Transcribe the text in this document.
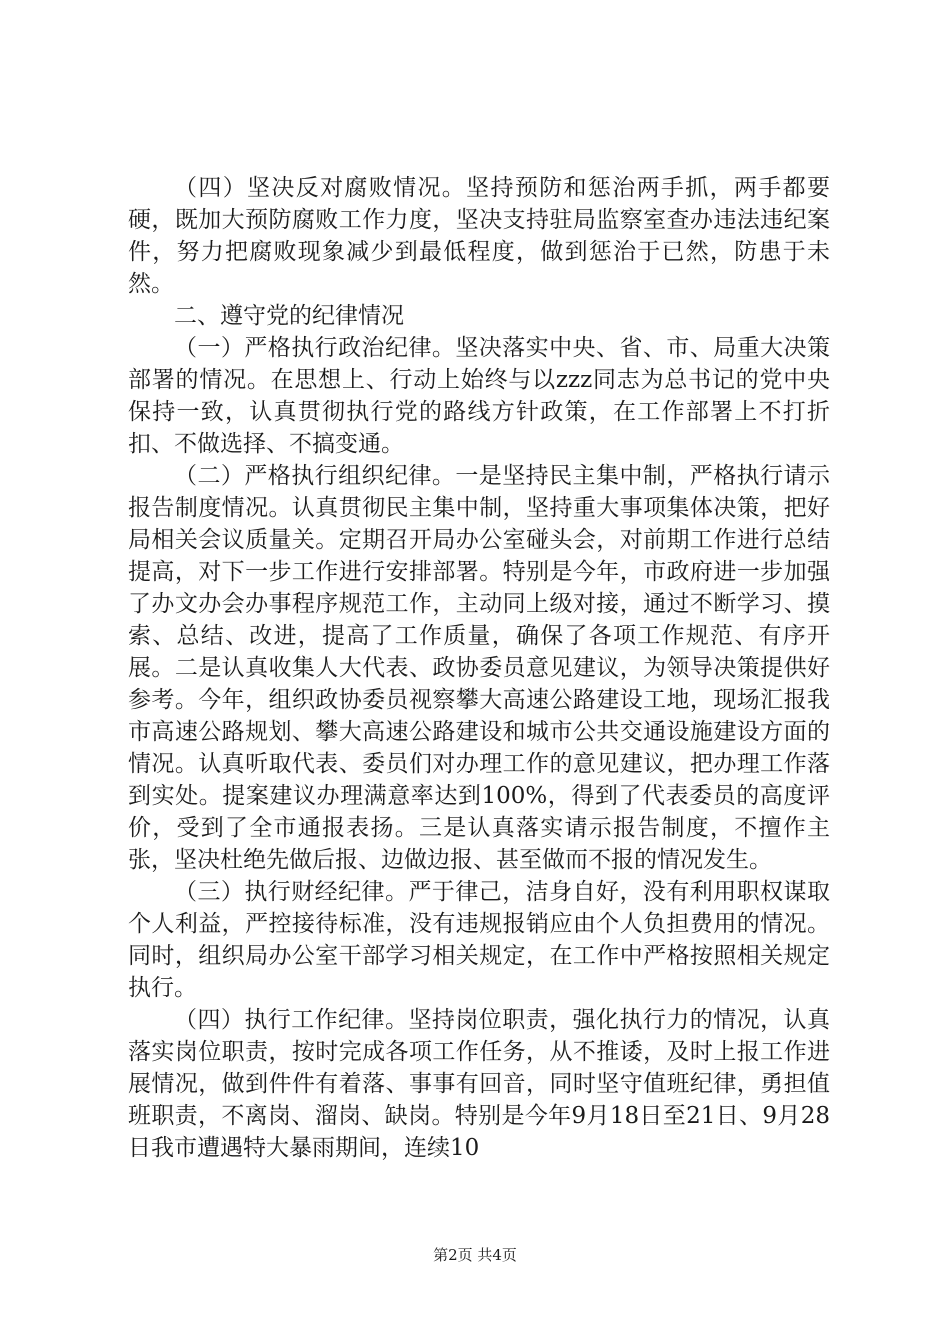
（四）坚决反对腐败情况。坚持预防和惩治两手抓，两手都要硬，既加大预防腐败工作力度，坚决支持驻局监察室查办违法违纪案件，努力把腐败现象减少到最低程度，做到惩治于已然，防患于未然。

二、遵守党的纪律情况

（一）严格执行政治纪律。坚决落实中央、省、市、局重大决策部署的情况。在思想上、行动上始终与以zzz同志为总书记的党中央保持一致，认真贯彻执行党的路线方针政策，在工作部署上不打折扣、不做选择、不搞变通。

（二）严格执行组织纪律。一是坚持民主集中制，严格执行请示报告制度情况。认真贯彻民主集中制，坚持重大事项集体决策，把好局相关会议质量关。定期召开局办公室碰头会，对前期工作进行总结提高，对下一步工作进行安排部署。特别是今年，市政府进一步加强了办文办会办事程序规范工作，主动同上级对接，通过不断学习、摸索、总结、改进，提高了工作质量，确保了各项工作规范、有序开展。二是认真收集人大代表、政协委员意见建议，为领导决策提供好参考。今年，组织政协委员视察攀大高速公路建设工地，现场汇报我市高速公路规划、攀大高速公路建设和城市公共交通设施建设方面的情况。认真听取代表、委员们对办理工作的意见建议，把办理工作落到实处。提案建议办理满意率达到100%，得到了代表委员的高度评价，受到了全市通报表扬。三是认真落实请示报告制度，不擅作主张，坚决杜绝先做后报、边做边报、甚至做而不报的情况发生。

（三）执行财经纪律。严于律己，洁身自好，没有利用职权谋取个人利益，严控接待标准，没有违规报销应由个人负担费用的情况。同时，组织局办公室干部学习相关规定，在工作中严格按照相关规定执行。

（四）执行工作纪律。坚持岗位职责，强化执行力的情况，认真落实岗位职责，按时完成各项工作任务，从不推诿，及时上报工作进展情况，做到件件有着落、事事有回音，同时坚守值班纪律，勇担值班职责，不离岗、溜岗、缺岗。特别是今年9月18日至21日、9月28日我市遭遇特大暴雨期间，连续10

第2页 共4页
